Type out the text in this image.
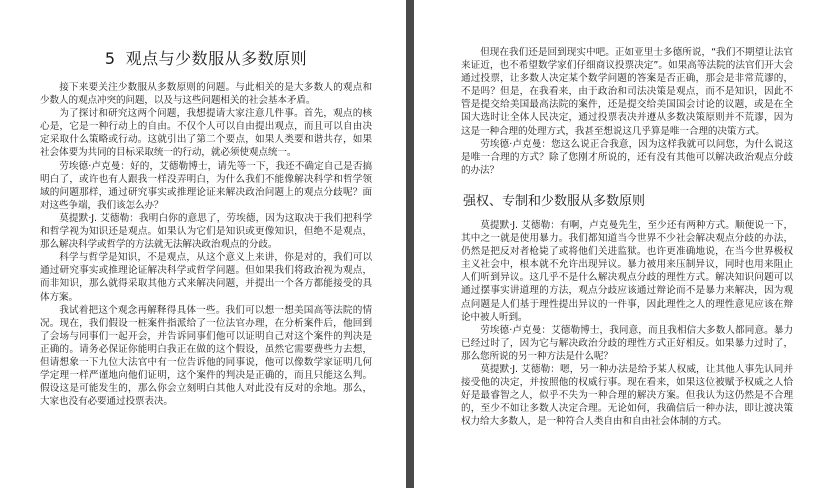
5 观点与少数服从多数原则

接下来要关注少数服从多数原则的问题。与此相关的是大多数人的观点和少数人的观点冲突的问题，以及与这些问题相关的社会基本矛盾。

为了探讨和研究这两个问题，我想提请大家注意几件事。首先，观点的核心是，它是一种行动上的自由。不仅个人可以自由提出观点，而且可以自由决定采取什么策略或行动。这就引出了第二个要点，如果人类要和谐共存，如果社会体要为共同的目标采取统一的行动，就必须使观点统一。

劳埃德·卢克曼：好的，艾德勒博士，请先等一下，我还不确定自己是否搞明白了，或许也有人跟我一样没弄明白，为什么我们不能像解决科学和哲学领域的问题那样，通过研究事实或推理论证来解决政治问题上的观点分歧呢？面对这些争端，我们该怎么办？

莫提默·J. 艾德勒：我明白你的意思了，劳埃德，因为这取决于我们把科学和哲学视为知识还是观点。如果认为它们是知识或更像知识，但绝不是观点，那么解决科学或哲学的方法就无法解决政治观点的分歧。

科学与哲学是知识，不是观点，从这个意义上来讲，你是对的，我们可以通过研究事实或推理论证解决科学或哲学问题。但如果我们将政治视为观点，而非知识，那么就得采取其他方式来解决问题，并提出一个各方都能接受的具体方案。

我试着把这个观念再解释得具体一些。我们可以想一想美国高等法院的情况。现在，我们假设一桩案件指派给了一位法官办理，在分析案件后，他回到了会场与同事们一起开会，并告诉同事们他可以证明自己对这个案件的判决是正确的。请务必保证你能明白我正在做的这个假设，虽然它需要费些力去想，但请想象一下九位大法官中有一位告诉他的同事说，他可以像数学家证明几何学定理一样严谨地向他们证明，这个案件的判决是正确的，而且只能这么判。假设这是可能发生的，那么你会立刻明白其他人对此没有反对的余地。那么，大家也没有必要通过投票表决。

但现在我们还是回到现实中吧。正如亚里士多德所说，“我们不期望让法官来证近，也不希望数学家们仔细商议投票决定”。如果高等法院的法官们开大会通过投票，让多数人决定某个数学问题的答案是否正确，那会是非常荒谬的，不是吗？但是，在我看来，由于政治和司法决策是观点，而不是知识，因此不管是提交给美国最高法院的案件，还是提交给美国国会讨论的议题，或是在全国大选时让全体人民决定，通过投票表决并遵从多数决策原则并不荒谬，因为这是一种合理的处理方式，我甚至想说这几乎算是唯一合理的决策方式。

劳埃德·卢克曼：您这么说正合我意，因为这样我就可以问您，为什么说这是唯一合理的方式？除了您刚才所说的，还有没有其他可以解决政治观点分歧的办法？

强权、专制和少数服从多数原则

莫提默·J. 艾德勒：有啊，卢克曼先生，至少还有两种方式。顺便说一下，其中之一就是使用暴力。我们都知道当今世界不少社会解决观点分歧的办法，仍然是把反对者枪毙了或将他们关进监狱。也许更准确地说，在当今世界极权主义社会中，根本就不允许出现异议。暴力被用来压制异议，同时也用来阻止人们听到异议。这几乎不是什么解决观点分歧的理性方式。解决知识问题可以通过摆事实讲道理的方法，观点分歧应该通过辩论而不是暴力来解决，因为观点问题是人们基于理性提出异议的一件事，因此理性之人的理性意见应该在辩论中被人听到。

劳埃德·卢克曼：艾德勒博士，我同意，而且我相信大多数人都同意。暴力已经过时了，因为它与解决政治分歧的理性方式正好相反。如果暴力过时了，那么您所说的另一种方法是什么呢？

莫提默·J. 艾德勒：嗯，另一种办法是给予某人权威，让其他人事先认同并接受他的决定，并按照他的权威行事。现在看来，如果这位被赋予权威之人恰好是最睿智之人，似乎不失为一种合理的解决方案。但我认为这仍然是不合理的，至少不如让多数人决定合理。无论如何，我确信后一种办法，即让渡决策权力给大多数人，是一种符合人类自由和自由社会体制的方式。
